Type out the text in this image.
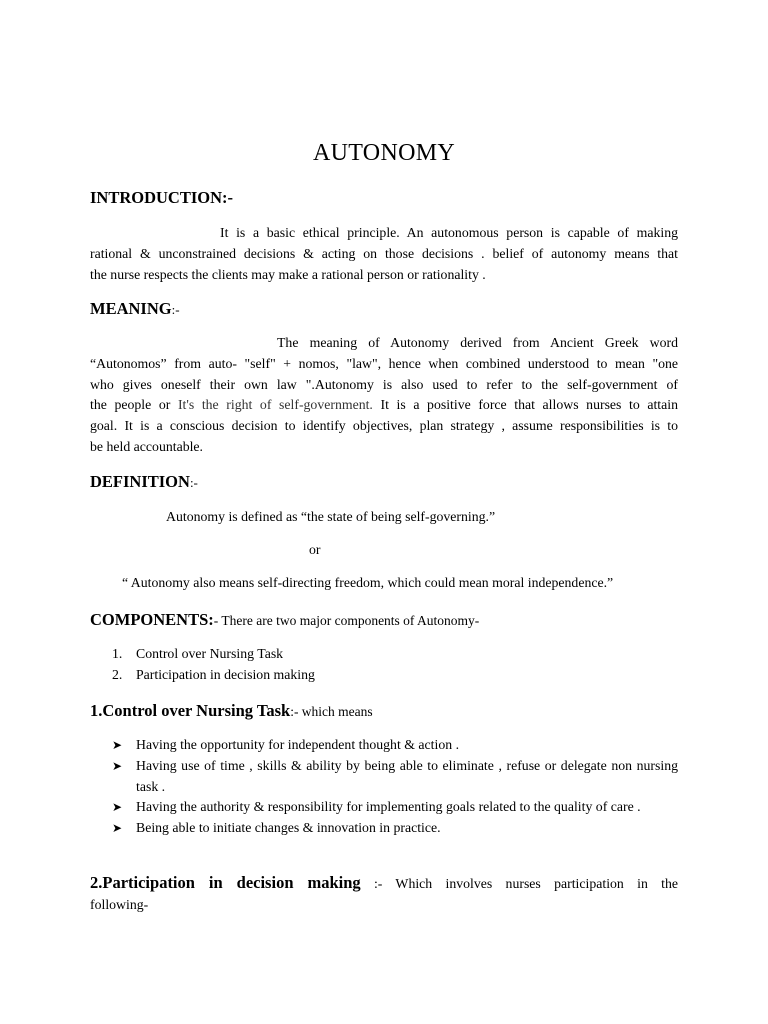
AUTONOMY
INTRODUCTION:-
It is a basic ethical principle. An autonomous person is capable of making
rational & unconstrained decisions & acting on those decisions . belief of autonomy means that
the nurse respects the clients may make a rational person or rationality .
MEANING:-
The meaning of Autonomy derived from Ancient Greek word
“Autonomos” from auto- "self" + nomos, "law", hence when combined understood to mean "one
who gives oneself their own law ".Autonomy is also used to refer to the self-government of
the people or It's the right of self-government. It is a positive force that allows nurses to attain
goal. It is a conscious decision to identify objectives, plan strategy , assume responsibilities is to
be held accountable.
DEFINITION:-
Autonomy is defined as “the state of being self-governing.”
or
“ Autonomy also means self-directing freedom, which could mean moral independence.”
COMPONENTS:- There are two major components of Autonomy-
1. Control over Nursing Task
2. Participation in decision making
1.Control over Nursing Task:- which means
➤ Having the opportunity for independent thought & action .
➤ Having use of time , skills & ability by being able to eliminate , refuse or delegate non nursing task .
➤ Having the authority & responsibility for implementing goals related to the quality of care .
➤ Being able to initiate changes & innovation in practice.
2.Participation in decision making :- Which involves nurses participation in the
following-
